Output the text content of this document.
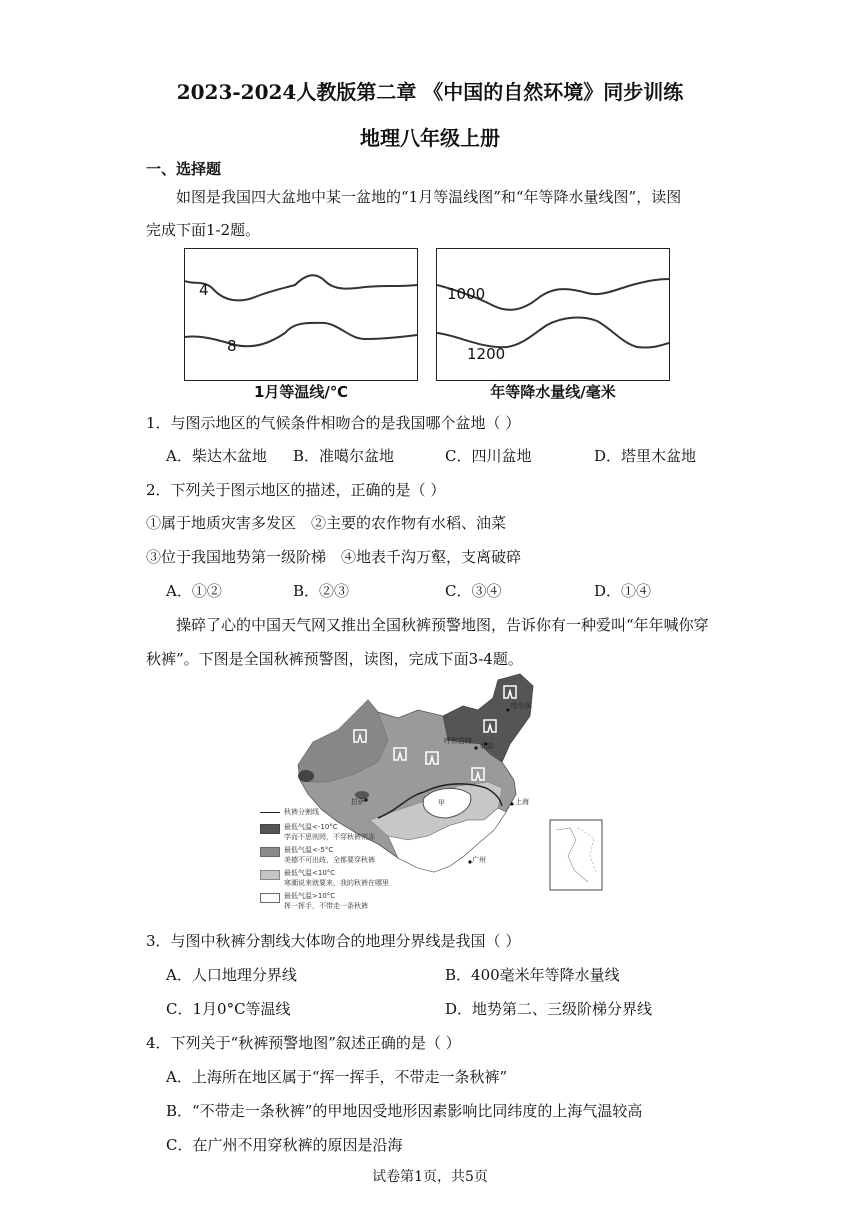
2023-2024人教版第二章 《中国的自然环境》同步训练
地理八年级上册
一、选择题
如图是我国四大盆地中某一盆地的“1月等温线图”和“年等降水量线图”，读图
完成下面1-2题。
4
8
1月等温线/℃
1000
1200
年等降水量线/毫米
1．与图示地区的气候条件相吻合的是我国哪个盆地（ ）
A．柴达木盆地 B．准噶尔盆地	C．四川盆地	D．塔里木盆地
2．下列关于图示地区的描述，正确的是（ ）
①属于地质灾害多发区　②主要的农作物有水稻、油菜
③位于我国地势第一级阶梯　④地表千沟万壑，支离破碎
A．①②	B．②③	C．③④	D．①④
操碎了心的中国天气网又推出全国秋裤预警地图，告诉你有一种爱叫“年年喊你穿
秋裤”。下图是全国秋裤预警图，读图，完成下面3-4题。
哈尔滨
呼和浩特
北京
拉萨	甲	上海
广州
秋裤分割线
最低气温<-10°C
学而不思则罔，不穿秋裤则冻
最低气温<-5°C
美德不可出歧，全都要穿秋裤
最低气温<10°C
寒潮说来就要来，我的秋裤在哪里
最低气温>10°C
挥一挥手，不带走一条秋裤
3．与图中秋裤分割线大体吻合的地理分界线是我国（ ）
A．人口地理分界线	B．400毫米年等降水量线
C．1月0°C等温线	D．地势第二、三级阶梯分界线
4．下列关于“秋裤预警地图”叙述正确的是（ ）
A．上海所在地区属于“挥一挥手，不带走一条秋裤”
B．“不带走一条秋裤”的甲地因受地形因素影响比同纬度的上海气温较高
C．在广州不用穿秋裤的原因是沿海
试卷第1页，共5页
